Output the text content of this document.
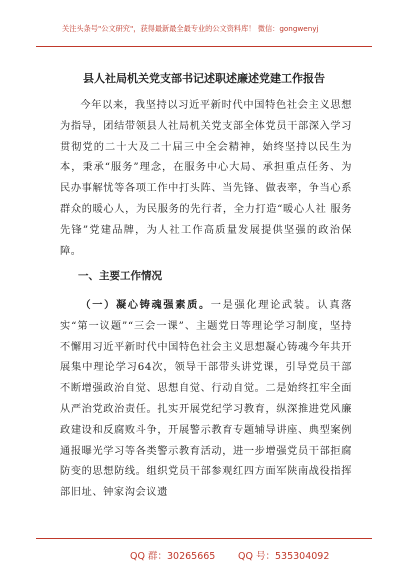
关注头条号"公文研究"，获得最新最全最专业的公文资料库！ 微信：gongwenyj
县人社局机关党支部书记述职述廉述党建工作报告

今年以来，我坚持以习近平新时代中国特色社会主义思想为指导，团结带领县人社局机关党支部全体党员干部深入学习贯彻党的二十大及二十届三中全会精神，始终坚持以民生为本，秉承“服务”理念，在服务中心大局、承担重点任务、为民办事解忧等各项工作中打头阵、当先锋、做表率，争当心系群众的暖心人，为民服务的先行者，全力打造“暖心人社 服务先锋”党建品牌，为人社工作高质量发展提供坚强的政治保障。

一、主要工作情况

（一）凝心铸魂强素质。一是强化理论武装。认真落实“第一议题”“三会一课”、主题党日等理论学习制度，坚持不懈用习近平新时代中国特色社会主义思想凝心铸魂今年共开展集中理论学习64次，领导干部带头讲党课，引导党员干部不断增强政治自觉、思想自觉、行动自觉。二是始终扛牢全面从严治党政治责任。扎实开展党纪学习教育，纵深推进党风廉政建设和反腐败斗争，开展警示教育专题辅导讲座、典型案例通报曝光学习等各类警示教育活动，进一步增强党员干部拒腐防变的思想防线。组织党员干部参观红四方面军陕南战役指挥部旧址、钟家沟会议遗

QQ 群：30265665 QQ 号：535304092
